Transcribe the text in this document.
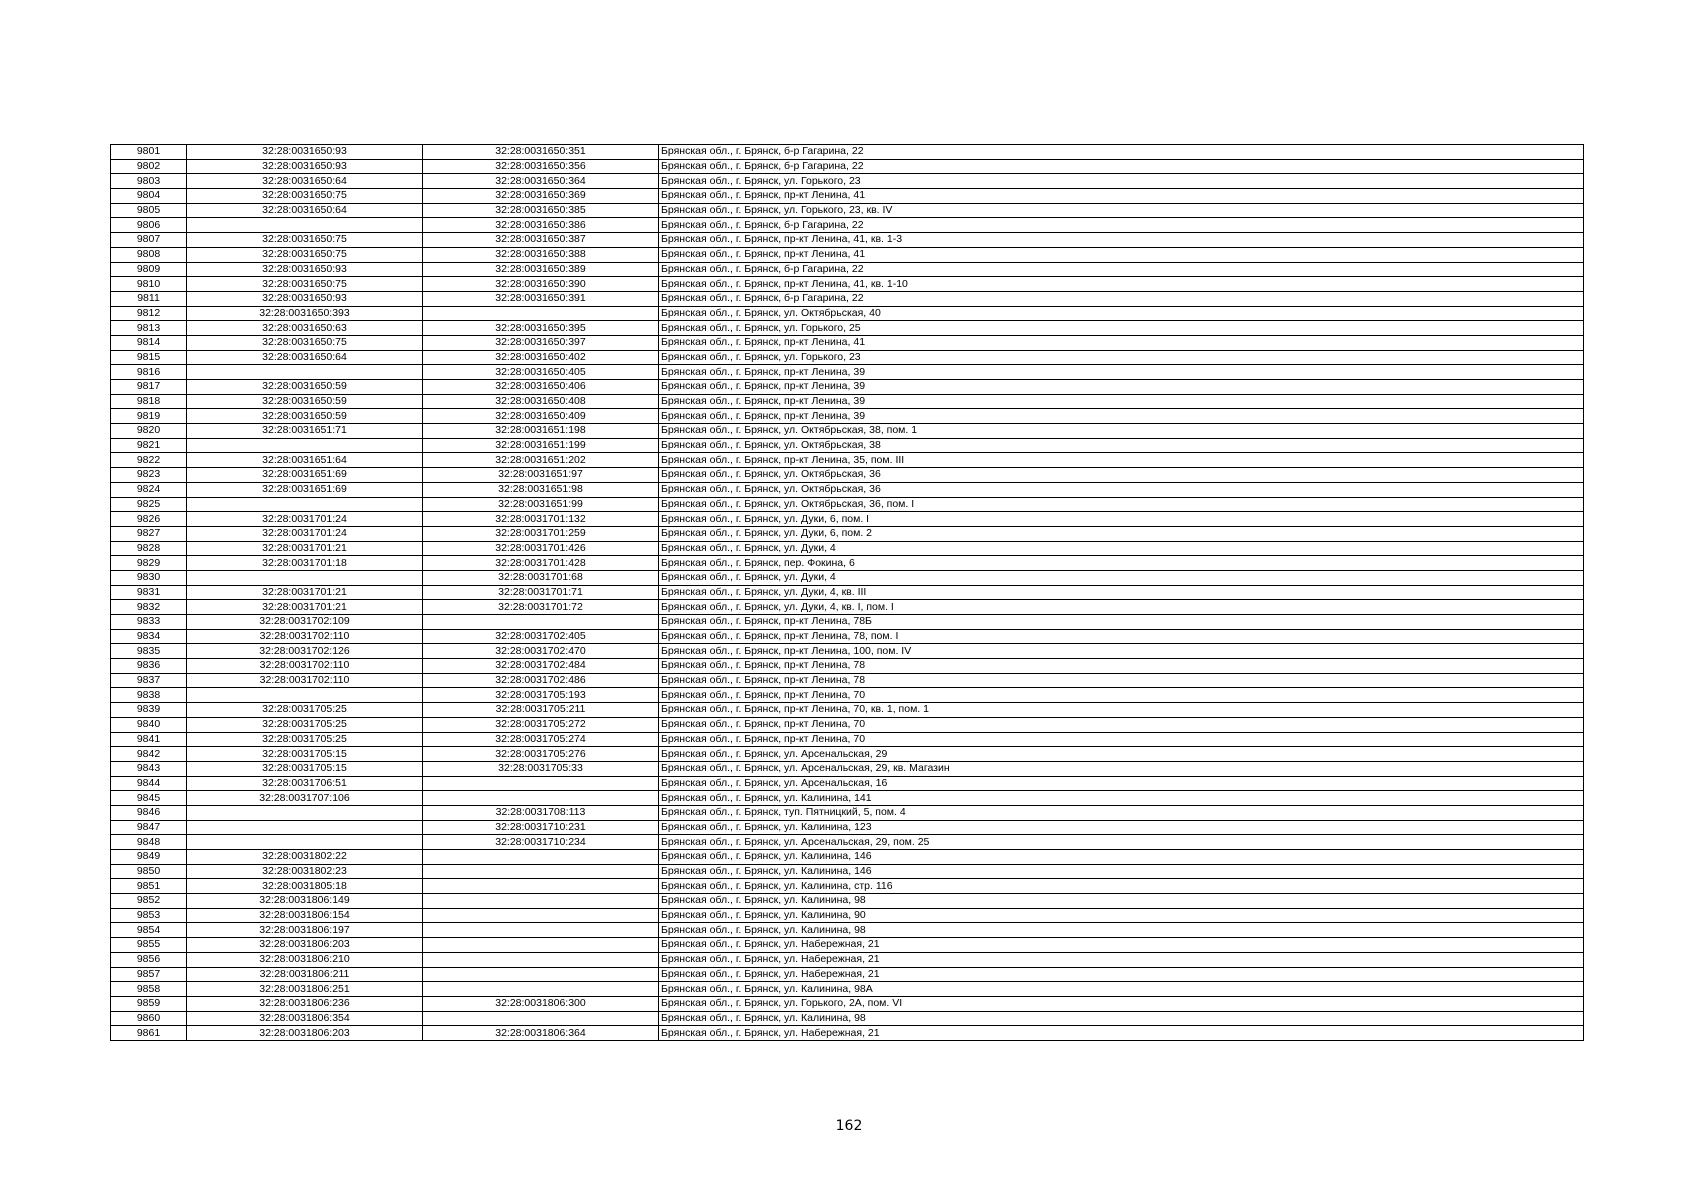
9801	32:28:0031650:93	32:28:0031650:351	Брянская обл., г. Брянск, б-р Гагарина, 22
9802	32:28:0031650:93	32:28:0031650:356	Брянская обл., г. Брянск, б-р Гагарина, 22
9803	32:28:0031650:64	32:28:0031650:364	Брянская обл., г. Брянск, ул. Горького, 23
9804	32:28:0031650:75	32:28:0031650:369	Брянская обл., г. Брянск, пр-кт Ленина, 41
9805	32:28:0031650:64	32:28:0031650:385	Брянская обл., г. Брянск, ул. Горького, 23, кв. IV
9806		32:28:0031650:386	Брянская обл., г. Брянск, б-р Гагарина, 22
9807	32:28:0031650:75	32:28:0031650:387	Брянская обл., г. Брянск, пр-кт Ленина, 41, кв. 1-3
9808	32:28:0031650:75	32:28:0031650:388	Брянская обл., г. Брянск, пр-кт Ленина, 41
9809	32:28:0031650:93	32:28:0031650:389	Брянская обл., г. Брянск, б-р Гагарина, 22
9810	32:28:0031650:75	32:28:0031650:390	Брянская обл., г. Брянск, пр-кт Ленина, 41, кв. 1-10
9811	32:28:0031650:93	32:28:0031650:391	Брянская обл., г. Брянск, б-р Гагарина, 22
9812	32:28:0031650:393		Брянская обл., г. Брянск, ул. Октябрьская, 40
9813	32:28:0031650:63	32:28:0031650:395	Брянская обл., г. Брянск, ул. Горького, 25
9814	32:28:0031650:75	32:28:0031650:397	Брянская обл., г. Брянск, пр-кт Ленина, 41
9815	32:28:0031650:64	32:28:0031650:402	Брянская обл., г. Брянск, ул. Горького, 23
9816		32:28:0031650:405	Брянская обл., г. Брянск, пр-кт Ленина, 39
9817	32:28:0031650:59	32:28:0031650:406	Брянская обл., г. Брянск, пр-кт Ленина, 39
9818	32:28:0031650:59	32:28:0031650:408	Брянская обл., г. Брянск, пр-кт Ленина, 39
9819	32:28:0031650:59	32:28:0031650:409	Брянская обл., г. Брянск, пр-кт Ленина, 39
9820	32:28:0031651:71	32:28:0031651:198	Брянская обл., г. Брянск, ул. Октябрьская, 38, пом. 1
9821		32:28:0031651:199	Брянская обл., г. Брянск, ул. Октябрьская, 38
9822	32:28:0031651:64	32:28:0031651:202	Брянская обл., г. Брянск, пр-кт Ленина, 35, пом. III
9823	32:28:0031651:69	32:28:0031651:97	Брянская обл., г. Брянск, ул. Октябрьская, 36
9824	32:28:0031651:69	32:28:0031651:98	Брянская обл., г. Брянск, ул. Октябрьская, 36
9825		32:28:0031651:99	Брянская обл., г. Брянск, ул. Октябрьская, 36, пом. I
9826	32:28:0031701:24	32:28:0031701:132	Брянская обл., г. Брянск, ул. Дуки, 6, пом. I
9827	32:28:0031701:24	32:28:0031701:259	Брянская обл., г. Брянск, ул. Дуки, 6, пом. 2
9828	32:28:0031701:21	32:28:0031701:426	Брянская обл., г. Брянск, ул. Дуки, 4
9829	32:28:0031701:18	32:28:0031701:428	Брянская обл., г. Брянск, пер. Фокина, 6
9830		32:28:0031701:68	Брянская обл., г. Брянск, ул. Дуки, 4
9831	32:28:0031701:21	32:28:0031701:71	Брянская обл., г. Брянск, ул. Дуки, 4, кв. III
9832	32:28:0031701:21	32:28:0031701:72	Брянская обл., г. Брянск, ул. Дуки, 4, кв. I, пом. I
9833	32:28:0031702:109		Брянская обл., г. Брянск, пр-кт Ленина, 78Б
9834	32:28:0031702:110	32:28:0031702:405	Брянская обл., г. Брянск, пр-кт Ленина, 78, пом. I
9835	32:28:0031702:126	32:28:0031702:470	Брянская обл., г. Брянск, пр-кт Ленина, 100, пом. IV
9836	32:28:0031702:110	32:28:0031702:484	Брянская обл., г. Брянск, пр-кт Ленина, 78
9837	32:28:0031702:110	32:28:0031702:486	Брянская обл., г. Брянск, пр-кт Ленина, 78
9838		32:28:0031705:193	Брянская обл., г. Брянск, пр-кт Ленина, 70
9839	32:28:0031705:25	32:28:0031705:211	Брянская обл., г. Брянск, пр-кт Ленина, 70, кв. 1, пом. 1
9840	32:28:0031705:25	32:28:0031705:272	Брянская обл., г. Брянск, пр-кт Ленина, 70
9841	32:28:0031705:25	32:28:0031705:274	Брянская обл., г. Брянск, пр-кт Ленина, 70
9842	32:28:0031705:15	32:28:0031705:276	Брянская обл., г. Брянск, ул. Арсенальская, 29
9843	32:28:0031705:15	32:28:0031705:33	Брянская обл., г. Брянск, ул. Арсенальская, 29, кв. Магазин
9844	32:28:0031706:51		Брянская обл., г. Брянск, ул. Арсенальская, 16
9845	32:28:0031707:106		Брянская обл., г. Брянск, ул. Калинина, 141
9846		32:28:0031708:113	Брянская обл., г. Брянск, туп. Пятницкий, 5, пом. 4
9847		32:28:0031710:231	Брянская обл., г. Брянск, ул. Калинина, 123
9848		32:28:0031710:234	Брянская обл., г. Брянск, ул. Арсенальская, 29, пом. 25
9849	32:28:0031802:22		Брянская обл., г. Брянск, ул. Калинина, 146
9850	32:28:0031802:23		Брянская обл., г. Брянск, ул. Калинина, 146
9851	32:28:0031805:18		Брянская обл., г. Брянск, ул. Калинина, стр. 116
9852	32:28:0031806:149		Брянская обл., г. Брянск, ул. Калинина, 98
9853	32:28:0031806:154		Брянская обл., г. Брянск, ул. Калинина, 90
9854	32:28:0031806:197		Брянская обл., г. Брянск, ул. Калинина, 98
9855	32:28:0031806:203		Брянская обл., г. Брянск, ул. Набережная, 21
9856	32:28:0031806:210		Брянская обл., г. Брянск, ул. Набережная, 21
9857	32:28:0031806:211		Брянская обл., г. Брянск, ул. Набережная, 21
9858	32:28:0031806:251		Брянская обл., г. Брянск, ул. Калинина, 98А
9859	32:28:0031806:236	32:28:0031806:300	Брянская обл., г. Брянск, ул. Горького, 2А, пом. VI
9860	32:28:0031806:354		Брянская обл., г. Брянск, ул. Калинина, 98
9861	32:28:0031806:203	32:28:0031806:364	Брянская обл., г. Брянск, ул. Набережная, 21
162
